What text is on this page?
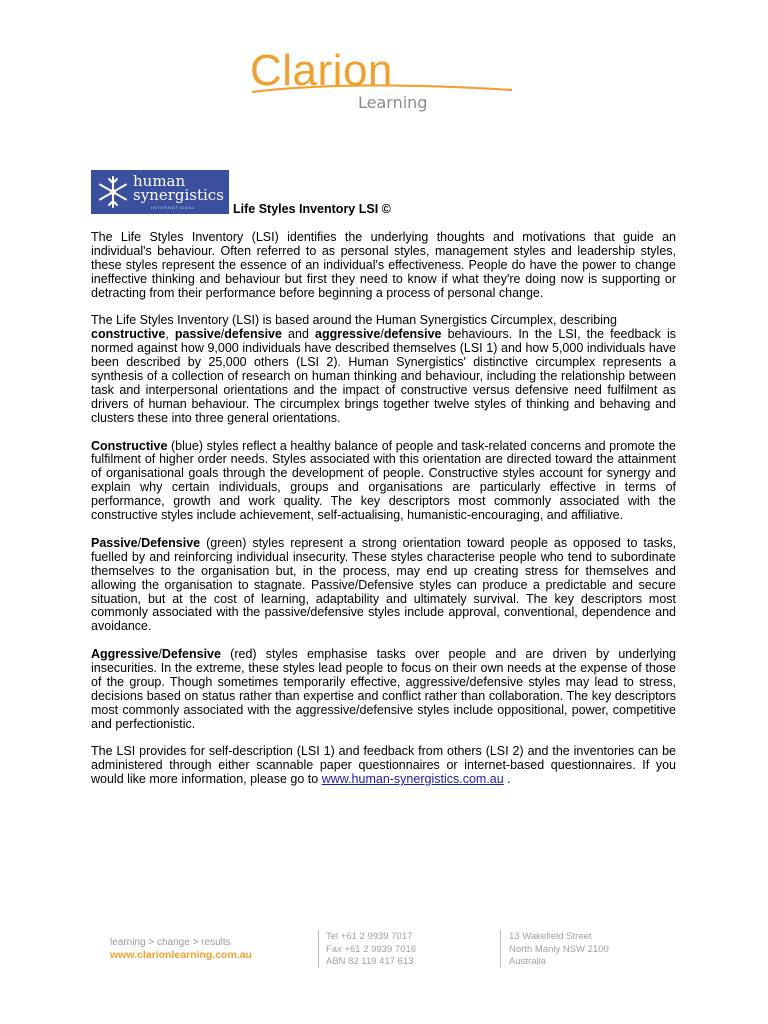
Clarion
Learning
human
synergistics
INTERNATIONAL	Life Styles Inventory LSI ©

The Life Styles Inventory (LSI) identifies the underlying thoughts and motivations that guide an individual's behaviour. Often referred to as personal styles, management styles and leadership styles, these styles represent the essence of an individual's effectiveness. People do have the power to change ineffective thinking and behaviour but first they need to know if what they're doing now is supporting or detracting from their performance before beginning a process of personal change.

The Life Styles Inventory (LSI) is based around the Human Synergistics Circumplex, describing
constructive, passive/defensive and aggressive/defensive behaviours. In the LSI, the feedback is normed against how 9,000 individuals have described themselves (LSI 1) and how 5,000 individuals have been described by 25,000 others (LSI 2). Human Synergistics' distinctive circumplex represents a synthesis of a collection of research on human thinking and behaviour, including the relationship between task and interpersonal orientations and the impact of constructive versus defensive need fulfilment as drivers of human behaviour. The circumplex brings together twelve styles of thinking and behaving and clusters these into three general orientations.

Constructive (blue) styles reflect a healthy balance of people and task-related concerns and promote the fulfilment of higher order needs. Styles associated with this orientation are directed toward the attainment of organisational goals through the development of people. Constructive styles account for synergy and explain why certain individuals, groups and organisations are particularly effective in terms of performance, growth and work quality. The key descriptors most commonly associated with the constructive styles include achievement, self-actualising, humanistic-encouraging, and affiliative.

Passive/Defensive (green) styles represent a strong orientation toward people as opposed to tasks, fuelled by and reinforcing individual insecurity. These styles characterise people who tend to subordinate themselves to the organisation but, in the process, may end up creating stress for themselves and allowing the organisation to stagnate. Passive/Defensive styles can produce a predictable and secure situation, but at the cost of learning, adaptability and ultimately survival. The key descriptors most commonly associated with the passive/defensive styles include approval, conventional, dependence and avoidance.

Aggressive/Defensive (red) styles emphasise tasks over people and are driven by underlying insecurities. In the extreme, these styles lead people to focus on their own needs at the expense of those of the group. Though sometimes temporarily effective, aggressive/defensive styles may lead to stress, decisions based on status rather than expertise and conflict rather than collaboration. The key descriptors most commonly associated with the aggressive/defensive styles include oppositional, power, competitive and perfectionistic.

The LSI provides for self-description (LSI 1) and feedback from others (LSI 2) and the inventories can be administered through either scannable paper questionnaires or internet-based questionnaires. If you would like more information, please go to www.human-synergistics.com.au .

learning > change > results
www.clarionlearning.com.au
Tel +61 2 9939 7017
Fax +61 2 9939 7016
ABN 82 119 417 613
13 Wakefield Street
North Manly NSW 2100
Australia
